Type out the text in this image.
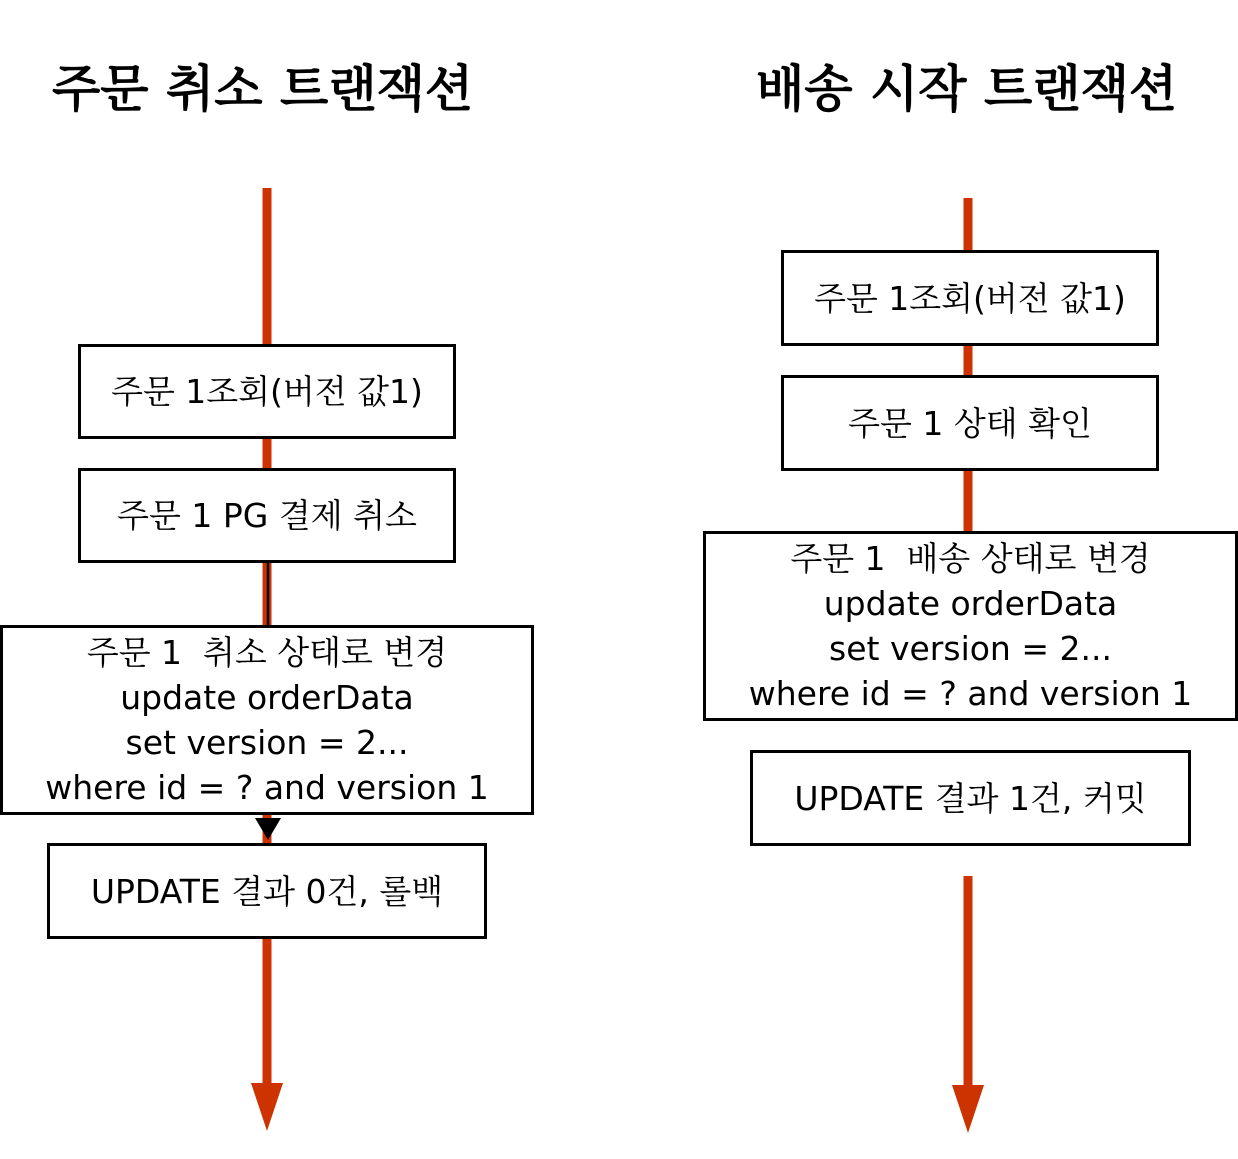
주문 취소 트랜잭션	배송 시작 트랜잭션
주문 1조회(버전 값1)
주문 1 PG 결제 취소
주문 1  취소 상태로 변경
update orderData
set version = 2...
where id = ? and version 1
UPDATE 결과 0건, 롤백
주문 1조회(버전 값1)
주문 1 상태 확인
주문 1  배송 상태로 변경
update orderData
set version = 2...
where id = ? and version 1
UPDATE 결과 1건, 커밋
